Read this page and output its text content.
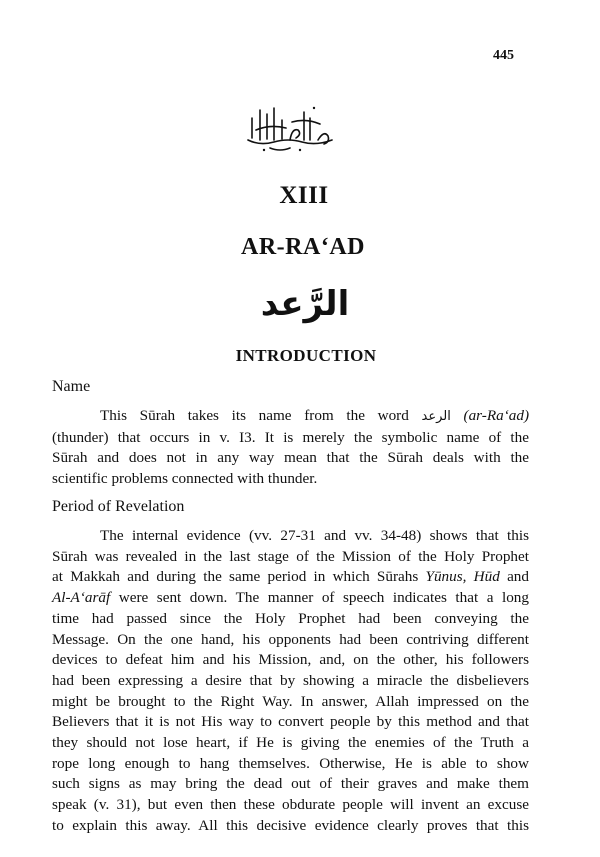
445
XIII
AR-RA‘AD
الرَّعد
INTRODUCTION
Name
This Sūrah takes its name from the word الرعد (ar-Ra‘ad)
(thunder) that occurs in v. I3. It is merely the symbolic name of the
Sūrah and does not in any way mean that the Sūrah deals with the
scientific problems connected with thunder.
Period of Revelation
The internal evidence (vv. 27-31 and vv. 34-48) shows that this
Sūrah was revealed in the last stage of the Mission of the Holy Prophet
at Makkah and during the same period in which Sūrahs Yūnus, Hūd and
Al-A‘arāf were sent down. The manner of speech indicates that a long
time had passed since the Holy Prophet had been conveying the
Message. On the one hand, his opponents had been contriving different
devices to defeat him and his Mission, and, on the other, his followers
had been expressing a desire that by showing a miracle the disbelievers
might be brought to the Right Way. In answer, Allah impressed on the
Believers that it is not His way to convert people by this method and that
they should not lose heart, if He is giving the enemies of the Truth a
rope long enough to hang themselves. Otherwise, He is able to show
such signs as may bring the dead out of their graves and make them
speak (v. 31), but even then these obdurate people will invent an excuse
to explain this away. All this decisive evidence clearly proves that this
